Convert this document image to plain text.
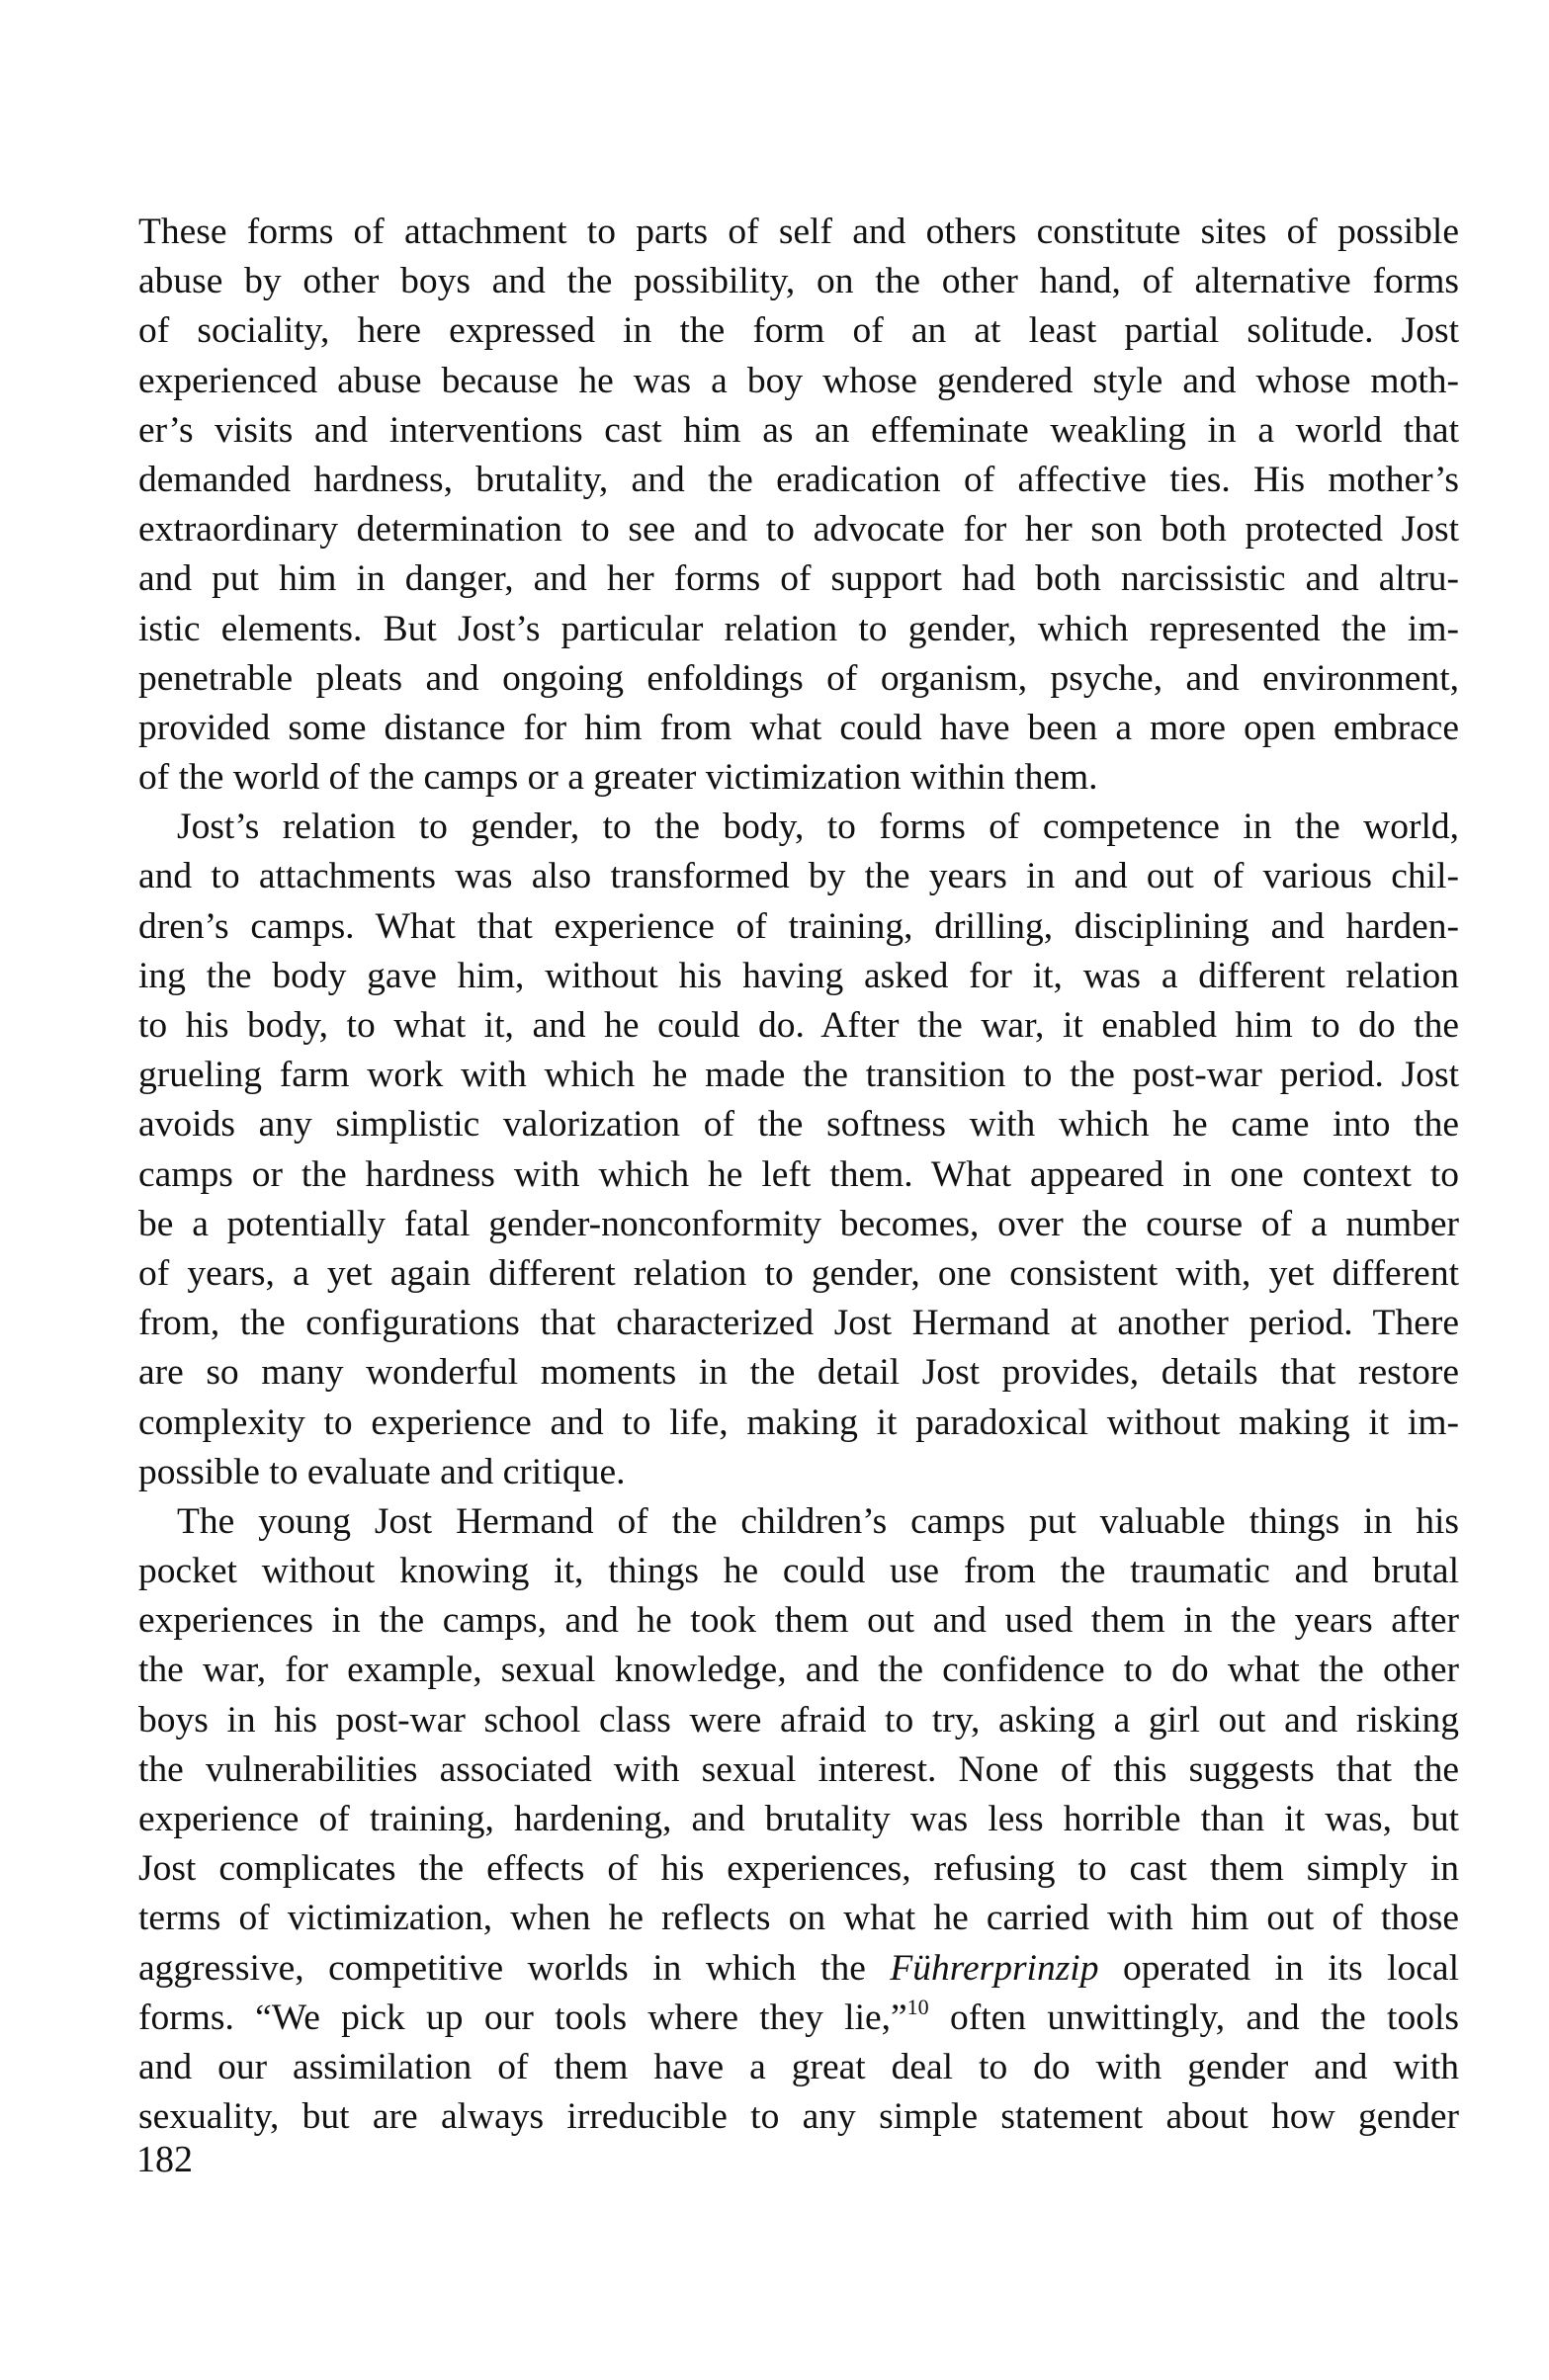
These forms of attachment to parts of self and others constitute sites of possible
abuse by other boys and the possibility, on the other hand, of alternative forms
of sociality, here expressed in the form of an at least partial solitude. Jost
experienced abuse because he was a boy whose gendered style and whose moth-
er’s visits and interventions cast him as an effeminate weakling in a world that
demanded hardness, brutality, and the eradication of affective ties. His mother’s
extraordinary determination to see and to advocate for her son both protected Jost
and put him in danger, and her forms of support had both narcissistic and altru-
istic elements. But Jost’s particular relation to gender, which represented the im-
penetrable pleats and ongoing enfoldings of organism, psyche, and environment,
provided some distance for him from what could have been a more open embrace
of the world of the camps or a greater victimization within them.
Jost’s relation to gender, to the body, to forms of competence in the world,
and to attachments was also transformed by the years in and out of various chil-
dren’s camps. What that experience of training, drilling, disciplining and harden-
ing the body gave him, without his having asked for it, was a different relation
to his body, to what it, and he could do. After the war, it enabled him to do the
grueling farm work with which he made the transition to the post-war period. Jost
avoids any simplistic valorization of the softness with which he came into the
camps or the hardness with which he left them. What appeared in one context to
be a potentially fatal gender-nonconformity becomes, over the course of a number
of years, a yet again different relation to gender, one consistent with, yet different
from, the configurations that characterized Jost Hermand at another period. There
are so many wonderful moments in the detail Jost provides, details that restore
complexity to experience and to life, making it paradoxical without making it im-
possible to evaluate and critique.
The young Jost Hermand of the children’s camps put valuable things in his
pocket without knowing it, things he could use from the traumatic and brutal
experiences in the camps, and he took them out and used them in the years after
the war, for example, sexual knowledge, and the confidence to do what the other
boys in his post-war school class were afraid to try, asking a girl out and risking
the vulnerabilities associated with sexual interest. None of this suggests that the
experience of training, hardening, and brutality was less horrible than it was, but
Jost complicates the effects of his experiences, refusing to cast them simply in
terms of victimization, when he reflects on what he carried with him out of those
aggressive, competitive worlds in which the Führerprinzip operated in its local
forms. “We pick up our tools where they lie,”$^{10}$ often unwittingly, and the tools
and our assimilation of them have a great deal to do with gender and with
sexuality, but are always irreducible to any simple statement about how gender
182
